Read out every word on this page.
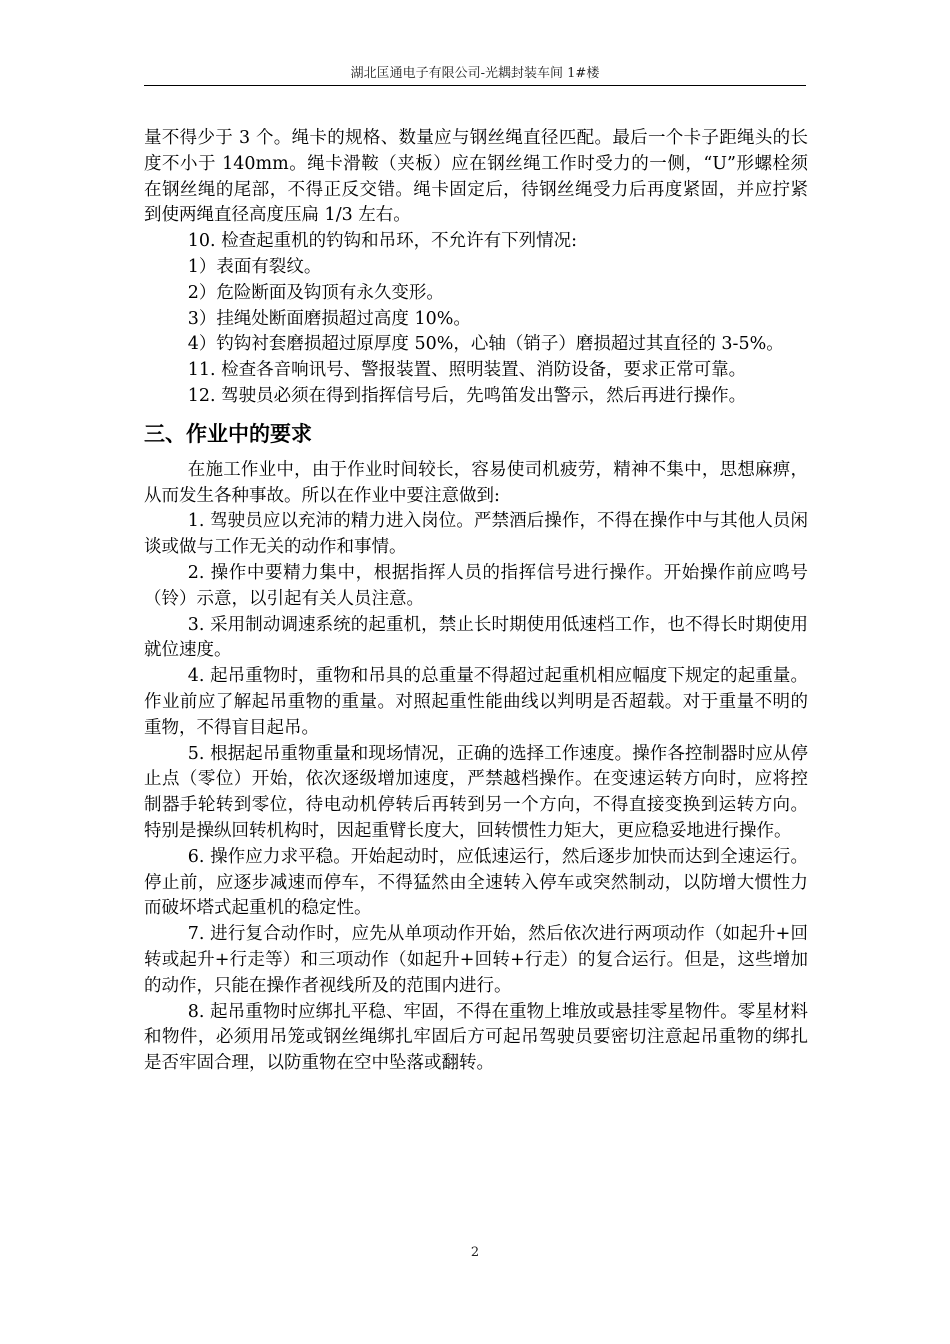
湖北匡通电子有限公司-光耦封装车间 1#楼

量不得少于 3 个。绳卡的规格、数量应与钢丝绳直径匹配。最后一个卡子距绳头的长度不小于 140mm。绳卡滑鞍（夹板）应在钢丝绳工作时受力的一侧，“U”形螺栓须在钢丝绳的尾部，不得正反交错。绳卡固定后，待钢丝绳受力后再度紧固，并应拧紧到使两绳直径高度压扁 1/3 左右。

10. 检查起重机的钓钩和吊环，不允许有下列情况:

1）表面有裂纹。

2）危险断面及钩顶有永久变形。

3）挂绳处断面磨损超过高度 10%。

4）钓钩衬套磨损超过原厚度 50%，心轴（销子）磨损超过其直径的 3-5%。

11. 检查各音响讯号、警报装置、照明装置、消防设备，要求正常可靠。

12. 驾驶员必须在得到指挥信号后，先鸣笛发出警示，然后再进行操作。

三、作业中的要求

在施工作业中，由于作业时间较长，容易使司机疲劳，精神不集中，思想麻痹，从而发生各种事故。所以在作业中要注意做到:

1. 驾驶员应以充沛的精力进入岗位。严禁酒后操作，不得在操作中与其他人员闲谈或做与工作无关的动作和事情。

2. 操作中要精力集中，根据指挥人员的指挥信号进行操作。开始操作前应鸣号（铃）示意，以引起有关人员注意。

3. 采用制动调速系统的起重机，禁止长时期使用低速档工作，也不得长时期使用就位速度。

4. 起吊重物时，重物和吊具的总重量不得超过起重机相应幅度下规定的起重量。作业前应了解起吊重物的重量。对照起重性能曲线以判明是否超载。对于重量不明的重物，不得盲目起吊。

5. 根据起吊重物重量和现场情况，正确的选择工作速度。操作各控制器时应从停止点（零位）开始，依次逐级增加速度，严禁越档操作。在变速运转方向时，应将控制器手轮转到零位，待电动机停转后再转到另一个方向，不得直接变换到运转方向。特别是操纵回转机构时，因起重臂长度大，回转惯性力矩大，更应稳妥地进行操作。

6. 操作应力求平稳。开始起动时，应低速运行，然后逐步加快而达到全速运行。停止前，应逐步减速而停车，不得猛然由全速转入停车或突然制动，以防增大惯性力而破坏塔式起重机的稳定性。

7. 进行复合动作时，应先从单项动作开始，然后依次进行两项动作（如起升+回转或起升+行走等）和三项动作（如起升+回转+行走）的复合运行。但是，这些增加的动作，只能在操作者视线所及的范围内进行。

8. 起吊重物时应绑扎平稳、牢固，不得在重物上堆放或悬挂零星物件。零星材料和物件，必须用吊笼或钢丝绳绑扎牢固后方可起吊驾驶员要密切注意起吊重物的绑扎是否牢固合理，以防重物在空中坠落或翻转。

2
